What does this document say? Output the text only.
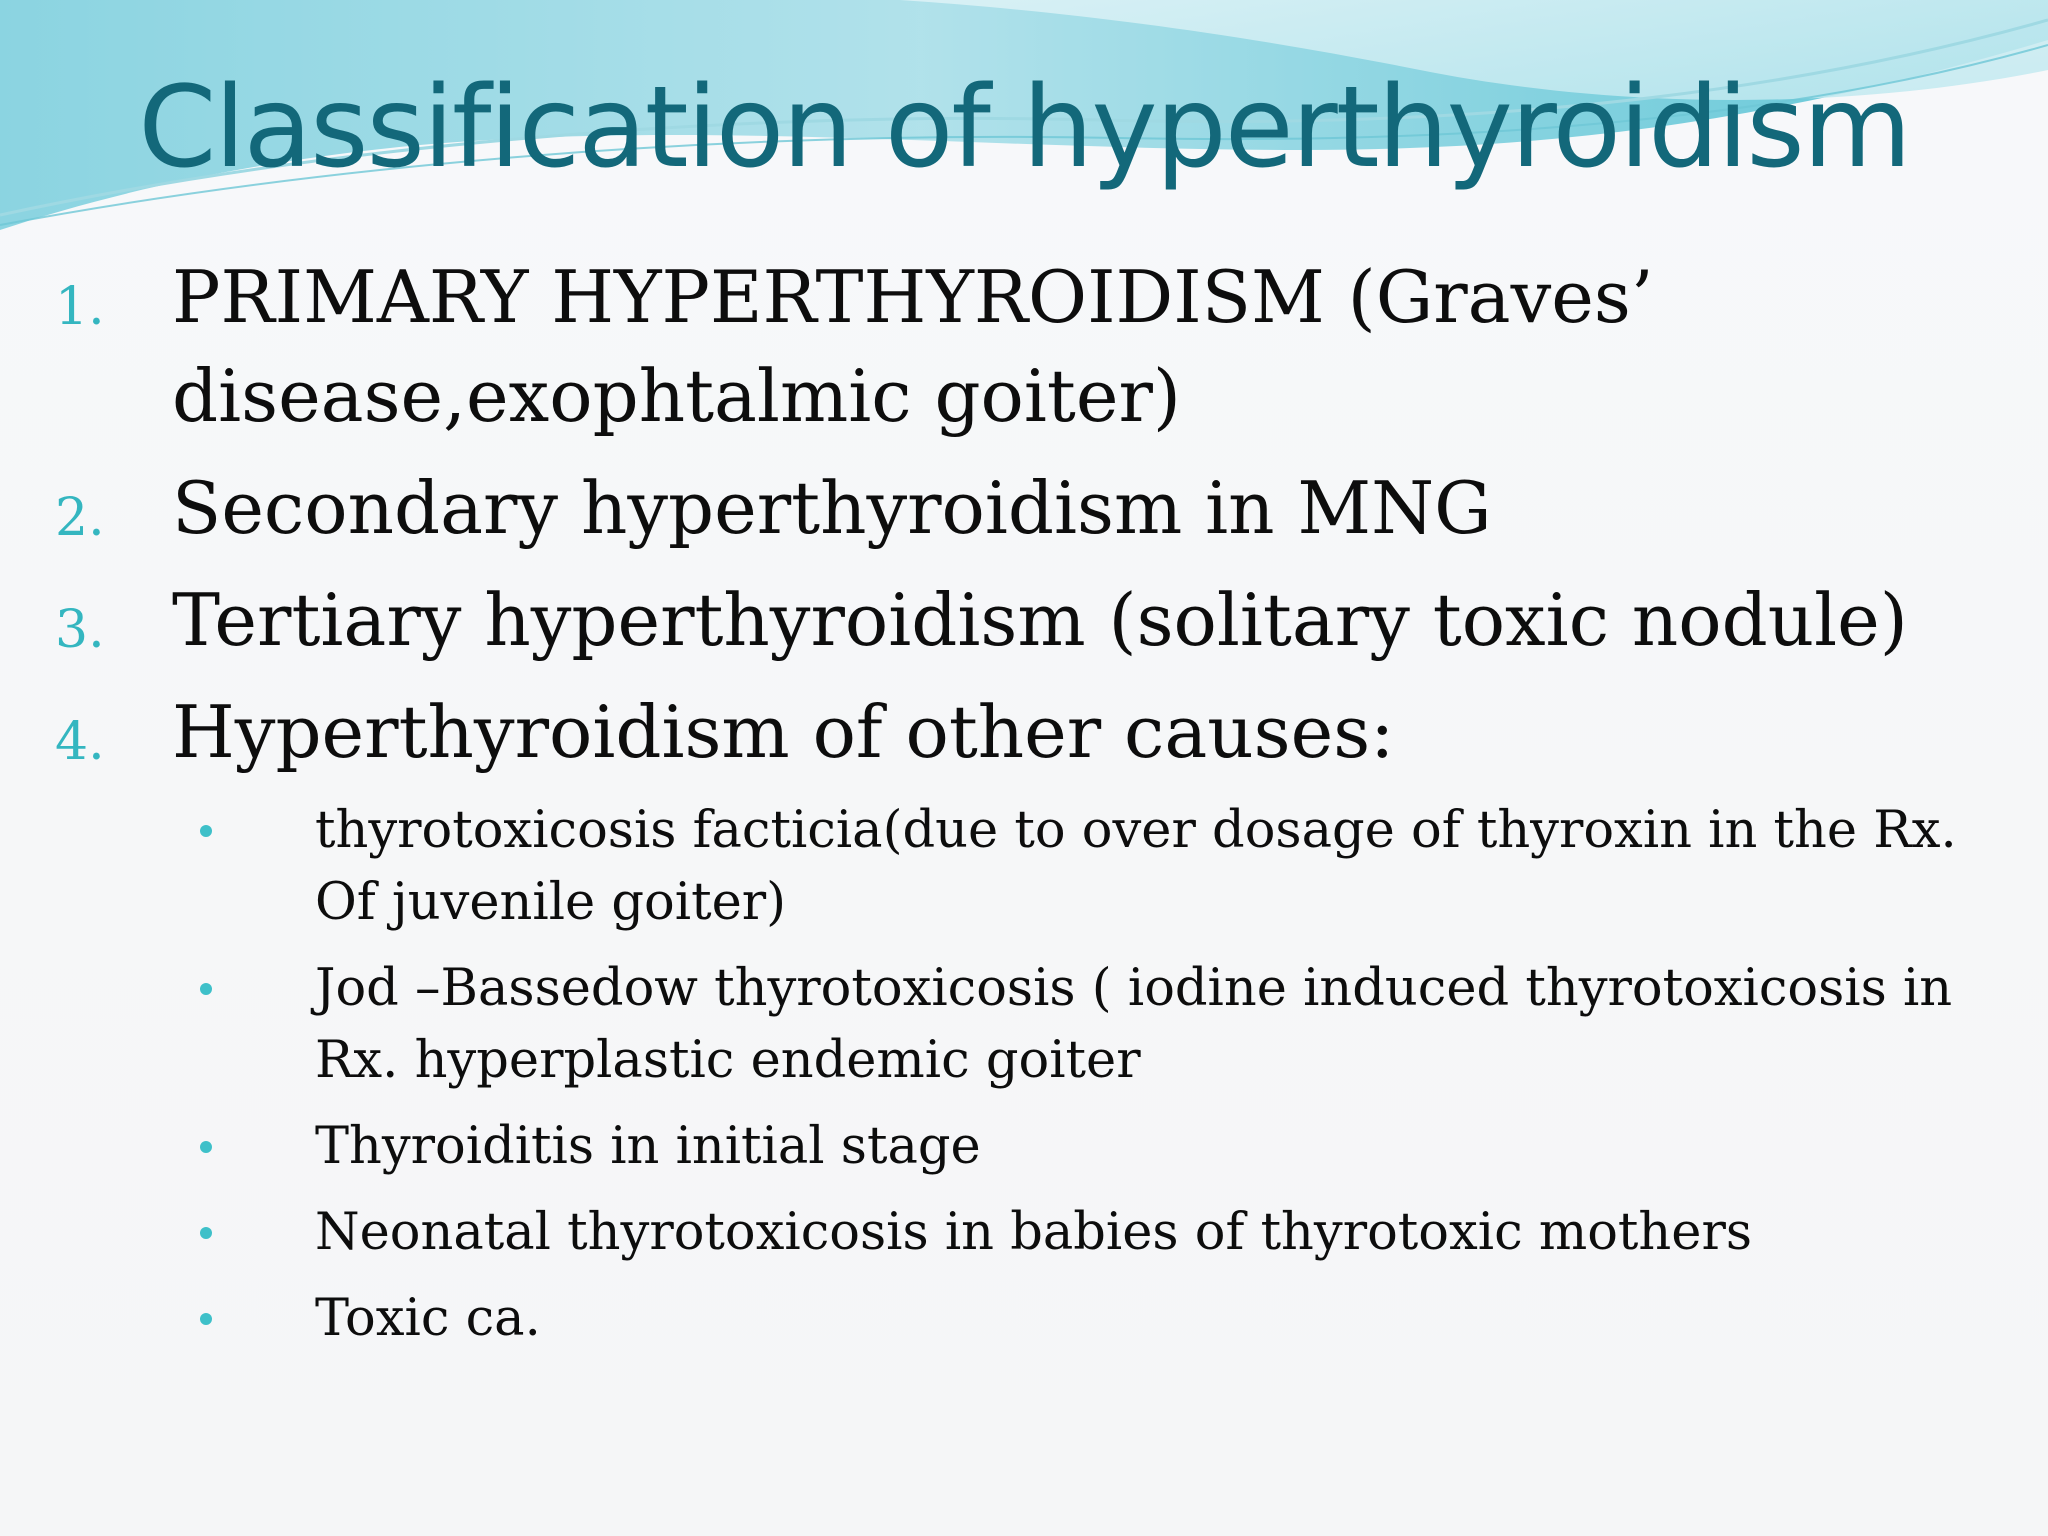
Classification of hyperthyroidism
1. PRIMARY HYPERTHYROIDISM (Graves’ disease,exophtalmic goiter)
2. Secondary hyperthyroidism in MNG
3. Tertiary hyperthyroidism (solitary toxic nodule)
4. Hyperthyroidism of other causes:
thyrotoxicosis facticia(due to over dosage of thyroxin in the Rx. Of juvenile goiter)
Jod –Bassedow thyrotoxicosis ( iodine induced thyrotoxicosis in Rx. hyperplastic endemic goiter
Thyroiditis in initial stage
Neonatal thyrotoxicosis in babies of thyrotoxic mothers
Toxic ca.
